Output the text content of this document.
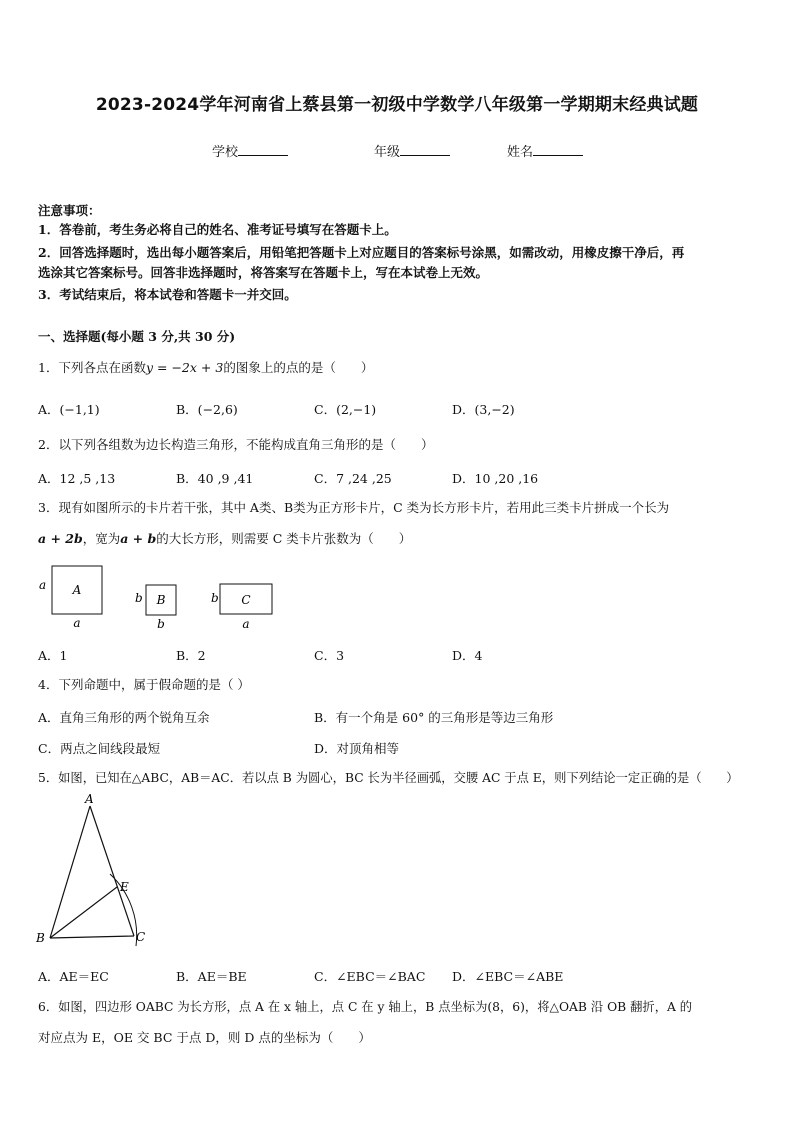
2023-2024学年河南省上蔡县第一初级中学数学八年级第一学期期末经典试题
学校	年级	姓名
注意事项：
1．答卷前，考生务必将自己的姓名、准考证号填写在答题卡上。
2．回答选择题时，选出每小题答案后，用铅笔把答题卡上对应题目的答案标号涂黑，如需改动，用橡皮擦干净后，再
选涂其它答案标号。回答非选择题时，将答案写在答题卡上，写在本试卷上无效。
3．考试结束后，将本试卷和答题卡一并交回。
一、选择题(每小题 3 分,共 30 分)
1．下列各点在函数y = −2x + 3的图象上的点的是（　　）
A．(−1,1)	B．(−2,6)	C．(2,−1)	D．(3,−2)
2．以下列各组数为边长构造三角形，不能构成直角三角形的是（　　）
A．12 ,5 ,13	B．40 ,9 ,41	C．7 ,24 ,25	D．10 ,20 ,16
3．现有如图所示的卡片若干张，其中 A类、B类为正方形卡片，C 类为长方形卡片，若用此三类卡片拼成一个长为
a + 2b，宽为a + b的大长方形，则需要 C 类卡片张数为（　　）
A
a
a
B
b
b
C
b
a
A．1	B．2	C．3	D．4
4．下列命题中，属于假命题的是（ ）
A．直角三角形的两个锐角互余	B．有一个角是 60° 的三角形是等边三角形
C．两点之间线段最短	D．对顶角相等
5．如图，已知在△ABC，AB＝AC．若以点 B 为圆心，BC 长为半径画弧，交腰 AC 于点 E，则下列结论一定正确的是（　　）
A
B	C
E
A．AE＝EC	B．AE＝BE	C．∠EBC＝∠BAC D．∠EBC＝∠ABE
6．如图，四边形 OABC 为长方形，点 A 在 x 轴上，点 C 在 y 轴上，B 点坐标为(8，6)，将△OAB 沿 OB 翻折，A 的
对应点为 E，OE 交 BC 于点 D，则 D 点的坐标为（　　）
